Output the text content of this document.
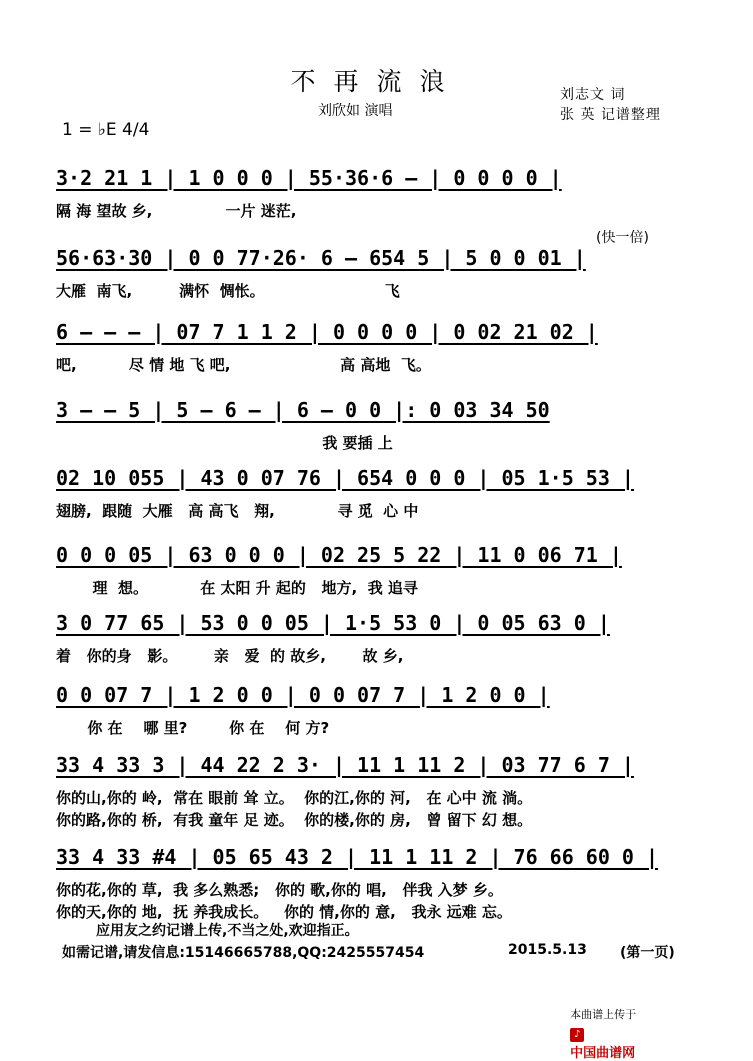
不再流浪
刘欣如 演唱
刘志文 词
张 英 记谱整理
1 = ♭E 4/4
(快一倍)
3·2 21 1 | 1 0 0 0 | 55·36·6 — | 0 0 0 0 |
隔 海 望故 乡,              一片 迷茫,
56·63·30 | 0 0 77·26· 6 — 654 5 | 5 0 0 01 |
大雁  南飞,         满怀  惆怅。                       飞
6 — — — | 07 7 1 1 2 | 0 0 0 0 | 0 02 21 02 |
吧,          尽 情 地 飞 吧,                     高 高地  飞。
3 — — 5 | 5 — 6 — | 6 — 0 0 |: 0 03 34 50
我 要插 上
02 10 055 | 43 0 07 76 | 654 0 0 0 | 05 1·5 53 |
翅膀,  跟随  大雁   高 高飞   翔,            寻 觅  心 中
0 0 0 05 | 63 0 0 0 | 02 25 5 22 | 11 0 06 71 |
理  想。          在 太阳 升 起的   地方,  我 追寻
3 0 77 65 | 53 0 0 05 | 1·5 53 0 | 0 05 63 0 |
着   你的身   影。       亲   爱  的 故乡,       故 乡,
0 0 07 7 | 1 2 0 0 | 0 0 07 7 | 1 2 0 0 |
你 在    哪 里?        你 在    何 方?
33 4 33 3 | 44 22 2 3· | 11 1 11 2 | 03 77 6 7 |
你的山,你的 岭,  常在 眼前 耸 立。  你的江,你的 河,   在 心中 流 淌。
你的路,你的 桥,  有我 童年 足 迹。  你的楼,你的 房,   曾 留下 幻 想。
33 4 33 #4 | 05 65 43 2 | 11 1 11 2 | 76 66 60 0 |
你的花,你的 草,  我 多么熟悉;   你的 歌,你的 唱,   伴我 入梦 乡。
你的天,你的 地,  抚 养我成长。   你的 情,你的 意,   我永 远难 忘。
应用友之约记谱上传,不当之处,欢迎指正。
如需记谱,请发信息:15146665788,QQ:2425557454	2015.5.13 (第一页)

本曲谱上传于
♪
中国曲谱网
